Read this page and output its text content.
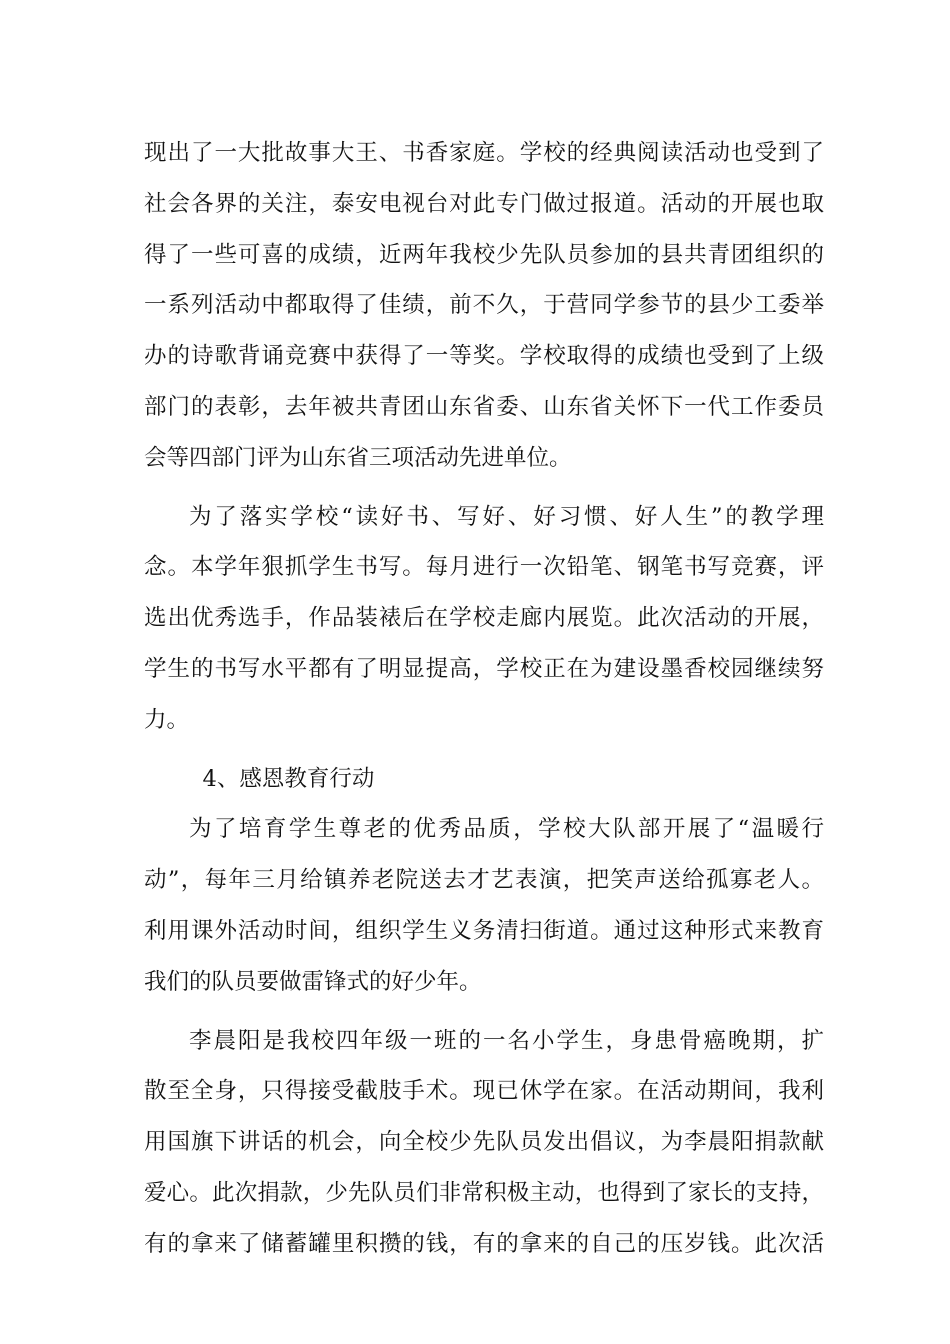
现出了一大批故事大王、书香家庭。学校的经典阅读活动也受到了
社会各界的关注，泰安电视台对此专门做过报道。活动的开展也取
得了一些可喜的成绩，近两年我校少先队员参加的县共青团组织的
一系列活动中都取得了佳绩，前不久，于营同学参节的县少工委举
办的诗歌背诵竞赛中获得了一等奖。学校取得的成绩也受到了上级
部门的表彰，去年被共青团山东省委、山东省关怀下一代工作委员
会等四部门评为山东省三项活动先进单位。

为了落实学校“读好书、写好、好习惯、好人生”的教学理
念。本学年狠抓学生书写。每月进行一次铅笔、钢笔书写竞赛，评
选出优秀选手，作品装裱后在学校走廊内展览。此次活动的开展，
学生的书写水平都有了明显提高，学校正在为建设墨香校园继续努
力。

4、感恩教育行动

为了培育学生尊老的优秀品质，学校大队部开展了“温暖行
动”，每年三月给镇养老院送去才艺表演，把笑声送给孤寡老人。
利用课外活动时间，组织学生义务清扫街道。通过这种形式来教育
我们的队员要做雷锋式的好少年。

李晨阳是我校四年级一班的一名小学生，身患骨癌晚期，扩
散至全身，只得接受截肢手术。现已休学在家。在活动期间，我利
用国旗下讲话的机会，向全校少先队员发出倡议，为李晨阳捐款献
爱心。此次捐款，少先队员们非常积极主动，也得到了家长的支持，
有的拿来了储蓄罐里积攒的钱，有的拿来的自己的压岁钱。此次活
